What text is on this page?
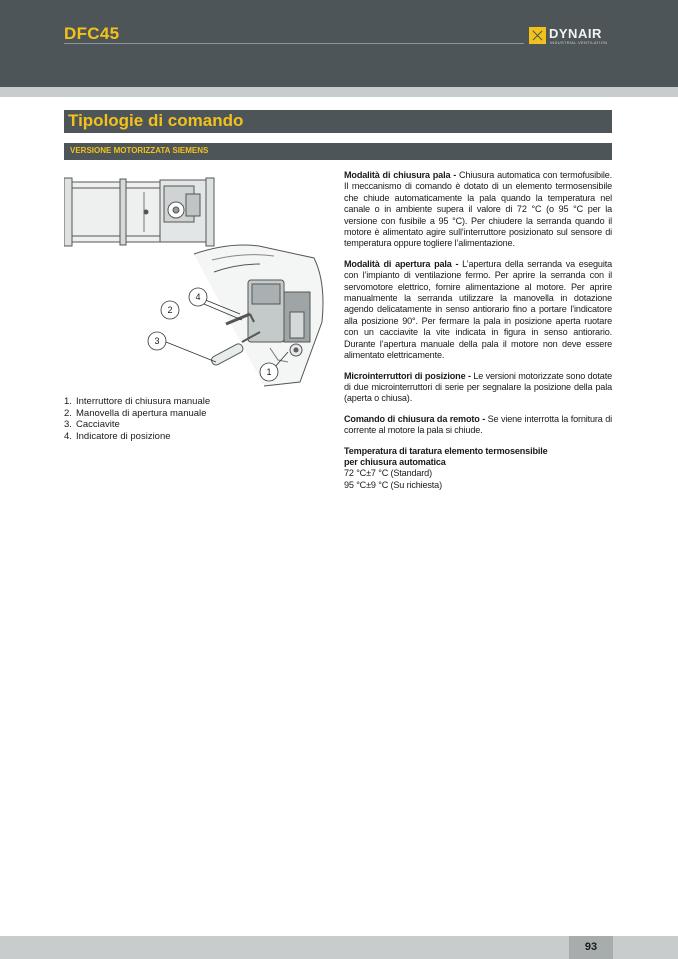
DFC45	DYNAIR
INDUSTRIAL VENTILATION
Tipologie di comando
VERSIONE MOTORIZZATA SIEMENS
1
2
3
4
1. Interruttore di chiusura manuale
2. Manovella di apertura manuale
3. Cacciavite
4. Indicatore di posizione

Modalità di chiusura pala - Chiusura automatica con termofusibile. Il meccanismo di comando è dotato di un elemento termosensibile che chiude automaticamente la pala quando la temperatura nel canale o in ambiente supera il valore di 72 °C (o 95 °C per la versione con fusibile a 95 °C). Per chiudere la serranda quando il motore è alimentato agire sull’interruttore posizionato sul sensore di temperatura oppure togliere l’alimentazione.

Modalità di apertura pala - L’apertura della serranda va eseguita con l’impianto di ventilazione fermo. Per aprire la serranda con il servomotore elettrico, fornire alimentazione al motore. Per aprire manualmente la serranda utilizzare la manovella in dotazione agendo delicatamente in senso antiorario fino a portare l’indicatore alla posizione 90°. Per fermare la pala in posizione aperta ruotare con un cacciavite la vite indicata in figura in senso antiorario. Durante l’apertura manuale della pala il motore non deve essere alimentato elettricamente.

Microinterruttori di posizione - Le versioni motorizzate sono dotate di due microinterruttori di serie per segnalare la posizione della pala (aperta o chiusa).

Comando di chiusura da remoto - Se viene interrotta la fornitura di corrente al motore la pala si chiude.

Temperatura di taratura elemento termosensibile
per chiusura automatica
72 °C±7 °C (Standard)
95 °C±9 °C (Su richiesta)

93
